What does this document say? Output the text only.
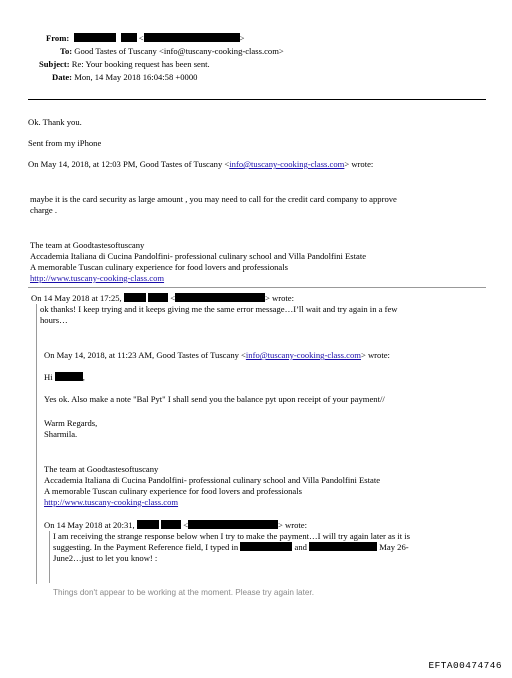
From:	<	>
To: Good Tastes of Tuscany <info@tuscany-cooking-class.com>
Subject: Re: Your booking request has been sent.
Date: Mon, 14 May 2018 16:04:58 +0000

Ok. Thank you.

Sent from my iPhone

On May 14, 2018, at 12:03 PM, Good Tastes of Tuscany <info@tuscany-cooking-class.com> wrote:

maybe it is the card security as large amount , you may need to call for the credit card company to approve

charge .

The team at Goodtastesoftuscany

Accademia Italiana di Cucina Pandolfini- professional culinary school and Villa Pandolfini Estate

A memorable Tuscan culinary experience for food lovers and professionals

http://www.tuscany-cooking-class.com

On 14 May 2018 at 17:25,	<	> wrote:

ok thanks! I keep trying and it keeps giving me the same error message…I’ll wait and try again in a few

hours…

On May 14, 2018, at 11:23 AM, Good Tastes of Tuscany <info@tuscany-cooking-class.com> wrote:
Hi	,

Yes ok. Also make a note "Bal Pyt" I shall send you the balance pyt upon receipt of your payment//

Warm Regards,

Sharmila.

The team at Goodtastesoftuscany

Accademia Italiana di Cucina Pandolfini- professional culinary school and Villa Pandolfini Estate

A memorable Tuscan culinary experience for food lovers and professionals

http://www.tuscany-cooking-class.com

On 14 May 2018 at 20:31,	<	> wrote:

I am receiving the strange response below when I try to make the payment…I will try again later as it is

suggesting. In the Payment Reference field, I typed in	and	May 26-

June2…just to let you know! :

Things don't appear to be working at the moment. Please try again later.

EFTA00474746
